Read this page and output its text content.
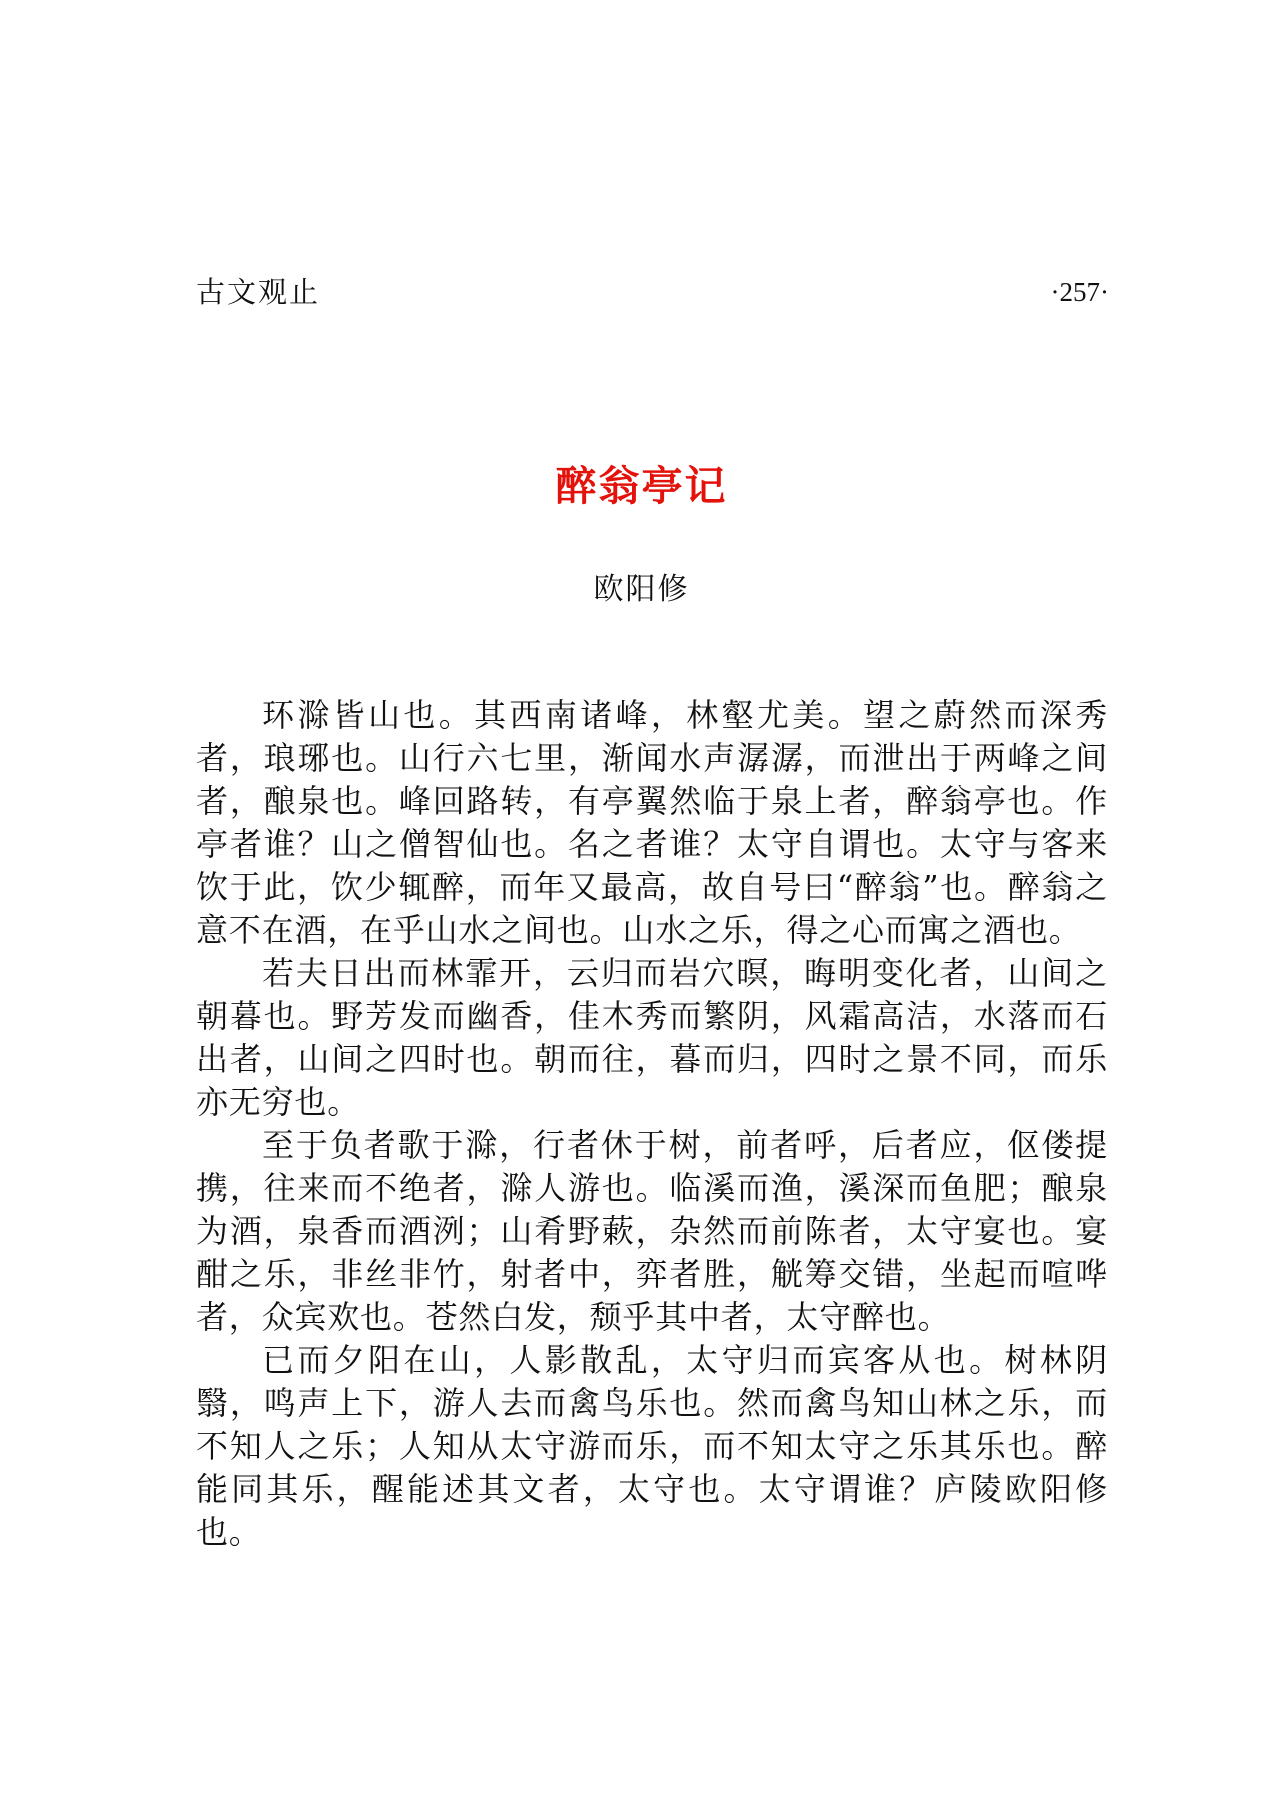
古文观止	·257·
醉翁亭记
欧阳修

环滁皆山也。其西南诸峰，林壑尤美。望之蔚然而深秀者，琅琊也。山行六七里，渐闻水声潺潺，而泄出于两峰之间者，酿泉也。峰回路转，有亭翼然临于泉上者，醉翁亭也。作亭者谁？山之僧智仙也。名之者谁？太守自谓也。太守与客来饮于此，饮少辄醉，而年又最高，故自号曰“醉翁”也。醉翁之意不在酒，在乎山水之间也。山水之乐，得之心而寓之酒也。

若夫日出而林霏开，云归而岩穴暝，晦明变化者，山间之朝暮也。野芳发而幽香，佳木秀而繁阴，风霜高洁，水落而石出者，山间之四时也。朝而往，暮而归，四时之景不同，而乐亦无穷也。

至于负者歌于滁，行者休于树，前者呼，后者应，伛偻提携，往来而不绝者，滁人游也。临溪而渔，溪深而鱼肥；酿泉为酒，泉香而酒洌；山肴野蔌，杂然而前陈者，太守宴也。宴酣之乐，非丝非竹，射者中，弈者胜，觥筹交错，坐起而喧哗者，众宾欢也。苍然白发，颓乎其中者，太守醉也。

已而夕阳在山，人影散乱，太守归而宾客从也。树林阴翳，鸣声上下，游人去而禽鸟乐也。然而禽鸟知山林之乐，而不知人之乐；人知从太守游而乐，而不知太守之乐其乐也。醉能同其乐，醒能述其文者，太守也。太守谓谁？庐陵欧阳修也。
